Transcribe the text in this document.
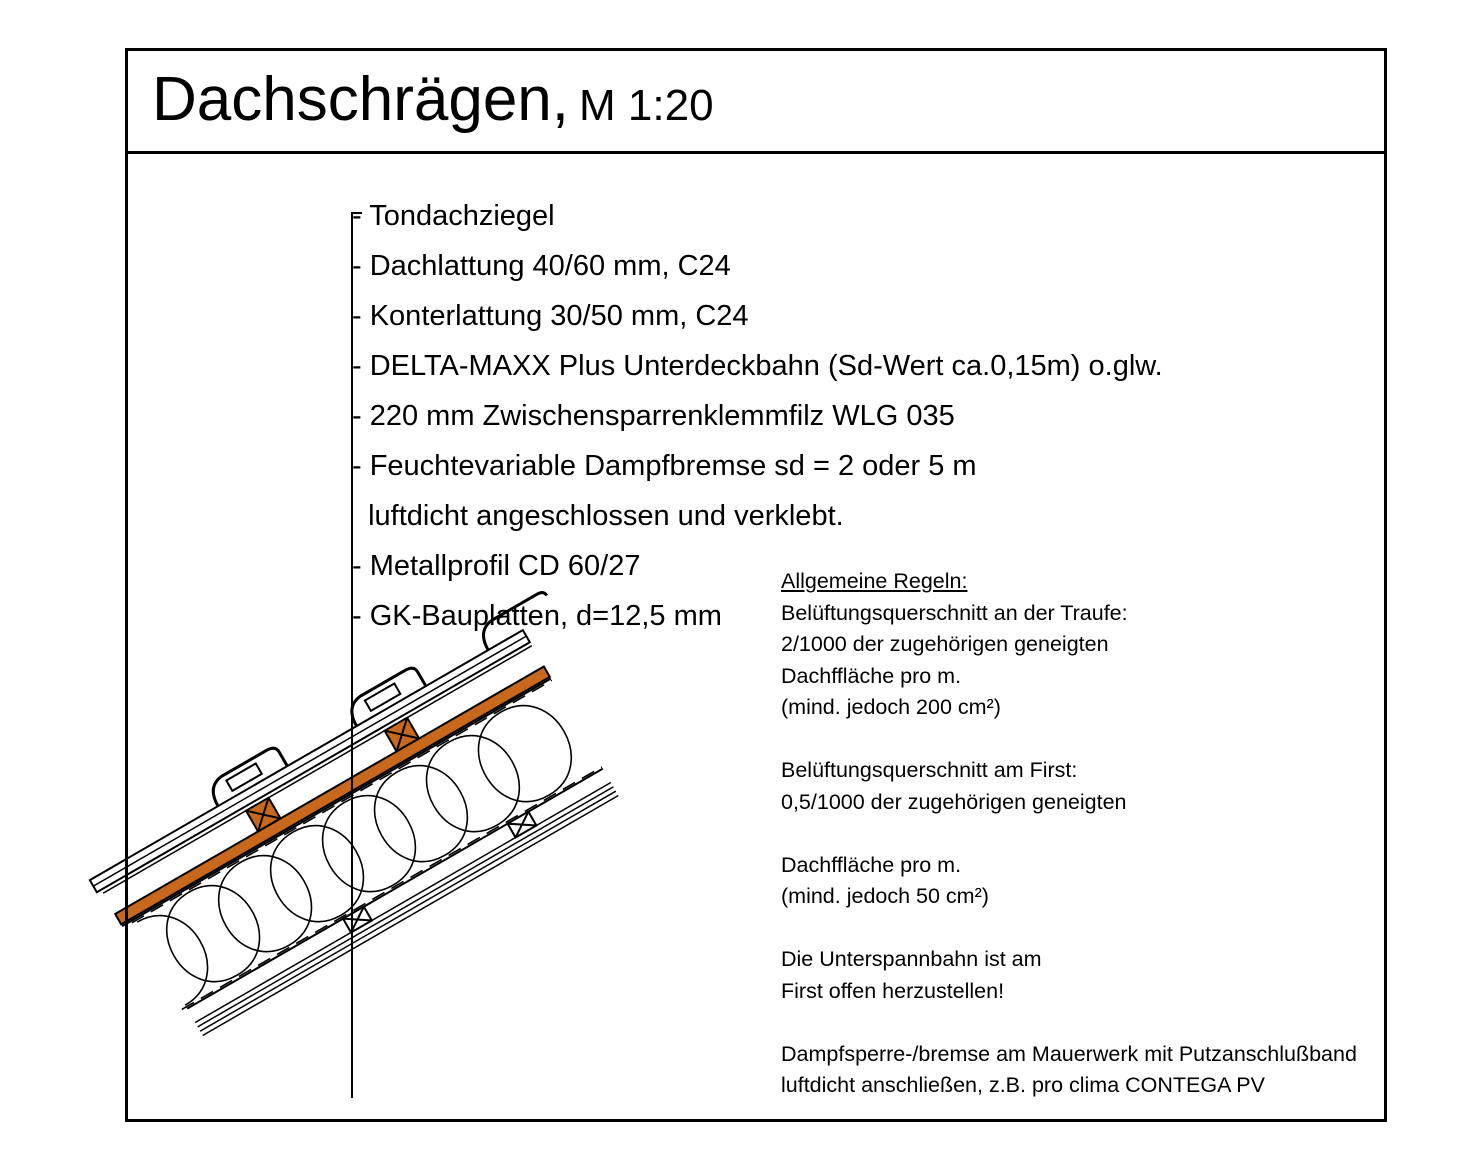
Dachschrägen, M 1:20
- Tondachziegel
- Dachlattung 40/60 mm, C24
- Konterlattung 30/50 mm, C24
- DELTA-MAXX Plus Unterdeckbahn (Sd-Wert ca.0,15m) o.glw.
- 220 mm Zwischensparrenklemmfilz WLG 035
- Feuchtevariable Dampfbremse sd = 2 oder 5 m
luftdicht angeschlossen und verklebt.
- Metallprofil CD 60/27
- GK-Bauplatten, d=12,5 mm
Allgemeine Regeln:
Belüftungsquerschnitt an der Traufe:
2/1000 der zugehörigen geneigten
Dachffläche pro m.
(mind. jedoch 200 cm²)
Belüftungsquerschnitt am First:
0,5/1000 der zugehörigen geneigten
Dachffläche pro m.
(mind. jedoch 50 cm²)
Die Unterspannbahn ist am
First offen herzustellen!
Dampfsperre-/bremse am Mauerwerk mit Putzanschlußband
luftdicht anschließen, z.B. pro clima CONTEGA PV
